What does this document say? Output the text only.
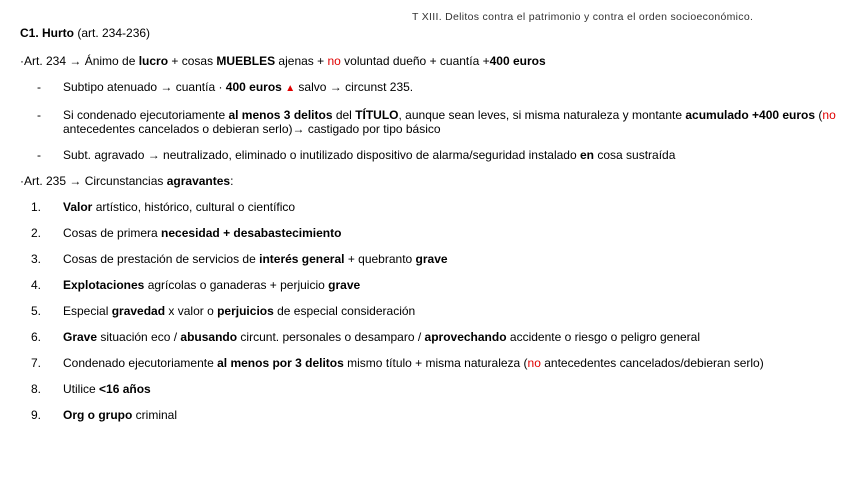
T XIII. Delitos contra el patrimonio y contra el orden socioeconómico.
C1. Hurto (art. 234-236)
·Art. 234 → Ánimo de lucro + cosas MUEBLES ajenas + no voluntad dueño + cuantía +400 euros
- Subtipo atenuado → cuantía · 400 euros ▲ salvo → circunst 235.
- Si condenado ejecutoriamente al menos 3 delitos del TÍTULO, aunque sean leves, si misma naturaleza y montante acumulado +400 euros (no antecedentes cancelados o debieran serlo)→ castigado por tipo básico
- Subt. agravado → neutralizado, eliminado o inutilizado dispositivo de alarma/seguridad instalado en cosa sustraída
·Art. 235 → Circunstancias agravantes:
1. Valor artístico, histórico, cultural o científico
2. Cosas de primera necesidad + desabastecimiento
3. Cosas de prestación de servicios de interés general + quebranto grave
4. Explotaciones agrícolas o ganaderas + perjuicio grave
5. Especial gravedad x valor o perjuicios de especial consideración
6. Grave situación eco / abusando circunt. personales o desamparo / aprovechando accidente o riesgo o peligro general
7. Condenado ejecutoriamente al menos por 3 delitos mismo título + misma naturaleza (no antecedentes cancelados/debieran serlo)
8. Utilice <16 años
9. Org o grupo criminal
